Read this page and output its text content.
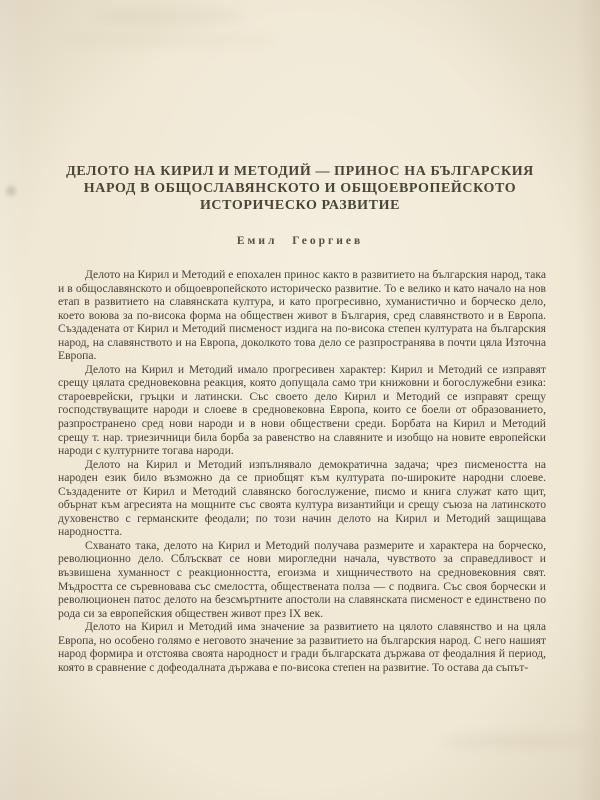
ДЕЛОТО НА КИРИЛ И МЕТОДИЙ — ПРИНОС НА БЪЛГАРСКИЯ
НАРОД В ОБЩОСЛАВЯНСКОТО И ОБЩОЕВРОПЕЙСКОТО
ИСТОРИЧЕСКО РАЗВИТИЕ
Емил Георгиев

Делото на Кирил и Методий е епохален принос както в развитието на българския народ, така и в общославянското и общоевропейското историческо развитие. То е велико и като начало на нов етап в развитието на славянската култура, и като прогресивно, хуманистично и борческо дело, което воюва за по-висока форма на обществен живот в България, сред славянството и в Европа. Създадената от Кирил и Методий писменост издига на по-висока степен културата на българския народ, на славянството и на Европа, доколкото това дело се разпространява в почти цяла Източна Европа.

Делото на Кирил и Методий имало прогресивен характер: Кирил и Методий се изправят срещу цялата средновековна реакция, която допущала само три книжовни и богослужебни езика: староеврейски, гръцки и латински. Със своето дело Кирил и Методий се изправят срещу господствуващите народи и слоеве в средновековна Европа, които се боели от образованието, разпространено сред нови народи и в нови обществени среди. Борбата на Кирил и Методий срещу т. нар. триезичници била борба за равенство на славяните и изобщо на новите европейски народи с културните тогава народи.

Делото на Кирил и Методий изпълнявало демократична задача; чрез писмеността на народен език било възможно да се приобщят към културата по-широките народни слоеве. Създадените от Кирил и Методий славянско богослужение, писмо и книга служат като щит, обърнат към агресията на мощните със своята култура византийци и срещу съюза на латинското духовенство с германските феодали; по този начин делото на Кирил и Методий защищава народността.

Схванато така, делото на Кирил и Методий получава размерите и характера на борческо, революционно дело. Сблъскват се нови мирогледни начала, чувството за справедливост и възвишена хуманност с реакционността, егоизма и хищничеството на средновековния свят. Мъдростта се съревновава със смелостта, обществената полза — с подвига. Със своя борчески и революционен патос делото на безсмъртните апостоли на славянската писменост е единствено по рода си за европейския обществен живот през IX век.

Делото на Кирил и Методий има значение за развитието на цялото славянство и на цяла Европа, но особено голямо е неговото значение за развитието на българския народ. С него нашият народ формира и отстоява своята народност и гради българската държава от феодалния й период, която в сравнение с дофеодалната държава е по-висока степен на развитие. То остава да съпът-
